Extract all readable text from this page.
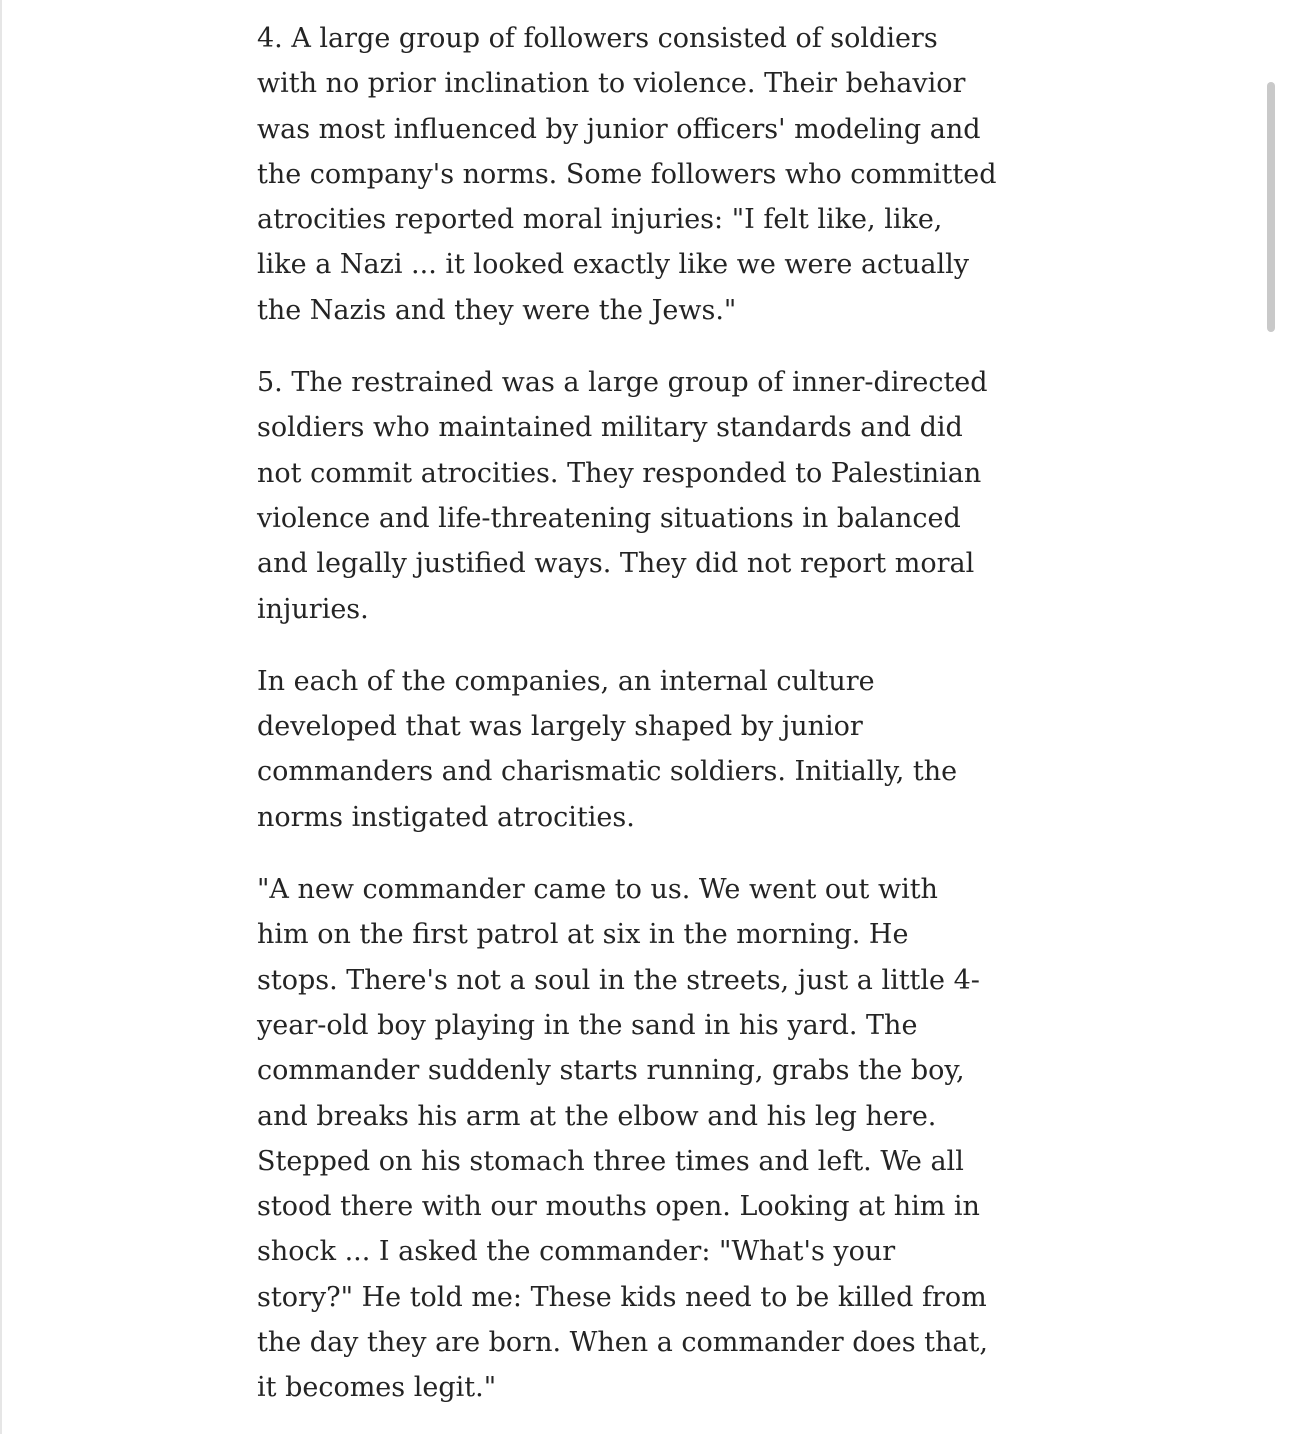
4. A large group of followers consisted of soldiers with no prior inclination to violence. Their behavior was most influenced by junior officers' modeling and the company's norms. Some followers who committed atrocities reported moral injuries: "I felt like, like, like a Nazi ... it looked exactly like we were actually the Nazis and they were the Jews."

5. The restrained was a large group of inner-directed soldiers who maintained military standards and did not commit atrocities. They responded to Palestinian violence and life-threatening situations in balanced and legally justified ways. They did not report moral injuries.

In each of the companies, an internal culture developed that was largely shaped by junior commanders and charismatic soldiers. Initially, the norms instigated atrocities.

"A new commander came to us. We went out with him on the first patrol at six in the morning. He stops. There's not a soul in the streets, just a little 4-year-old boy playing in the sand in his yard. The commander suddenly starts running, grabs the boy, and breaks his arm at the elbow and his leg here. Stepped on his stomach three times and left. We all stood there with our mouths open. Looking at him in shock ... I asked the commander: "What's your story?" He told me: These kids need to be killed from the day they are born. When a commander does that, it becomes legit."
